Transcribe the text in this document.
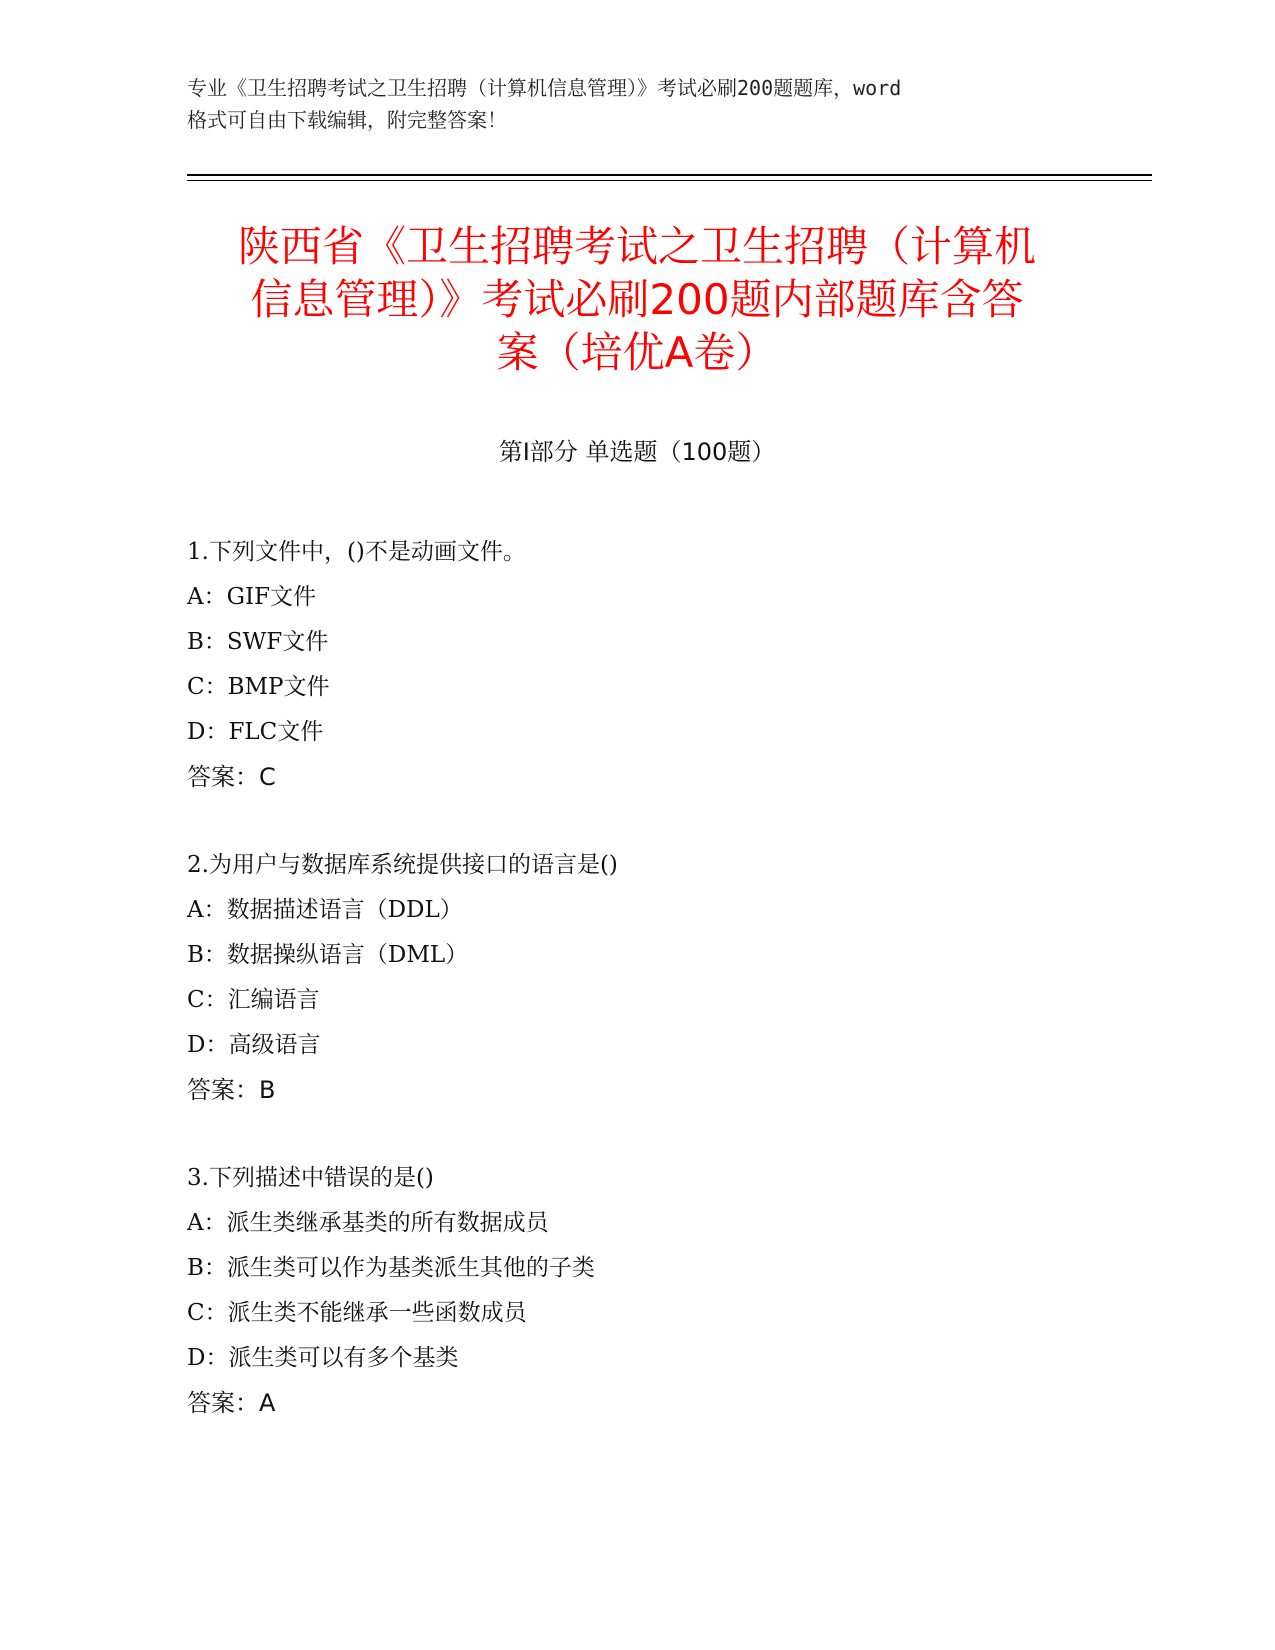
专业《卫生招聘考试之卫生招聘（计算机信息管理）》考试必刷200题题库，word
格式可自由下载编辑，附完整答案！

陕西省《卫生招聘考试之卫生招聘（计算机
信息管理）》考试必刷200题内部题库含答
案（培优A卷）
第I部分 单选题（100题）
1.下列文件中，()不是动画文件。
A：GIF文件
B：SWF文件
C：BMP文件
D：FLC文件
答案：C
2.为用户与数据库系统提供接口的语言是()
A：数据描述语言（DDL）
B：数据操纵语言（DML）
C：汇编语言
D：高级语言
答案：B
3.下列描述中错误的是()
A：派生类继承基类的所有数据成员
B：派生类可以作为基类派生其他的子类
C：派生类不能继承一些函数成员
D：派生类可以有多个基类
答案：A
